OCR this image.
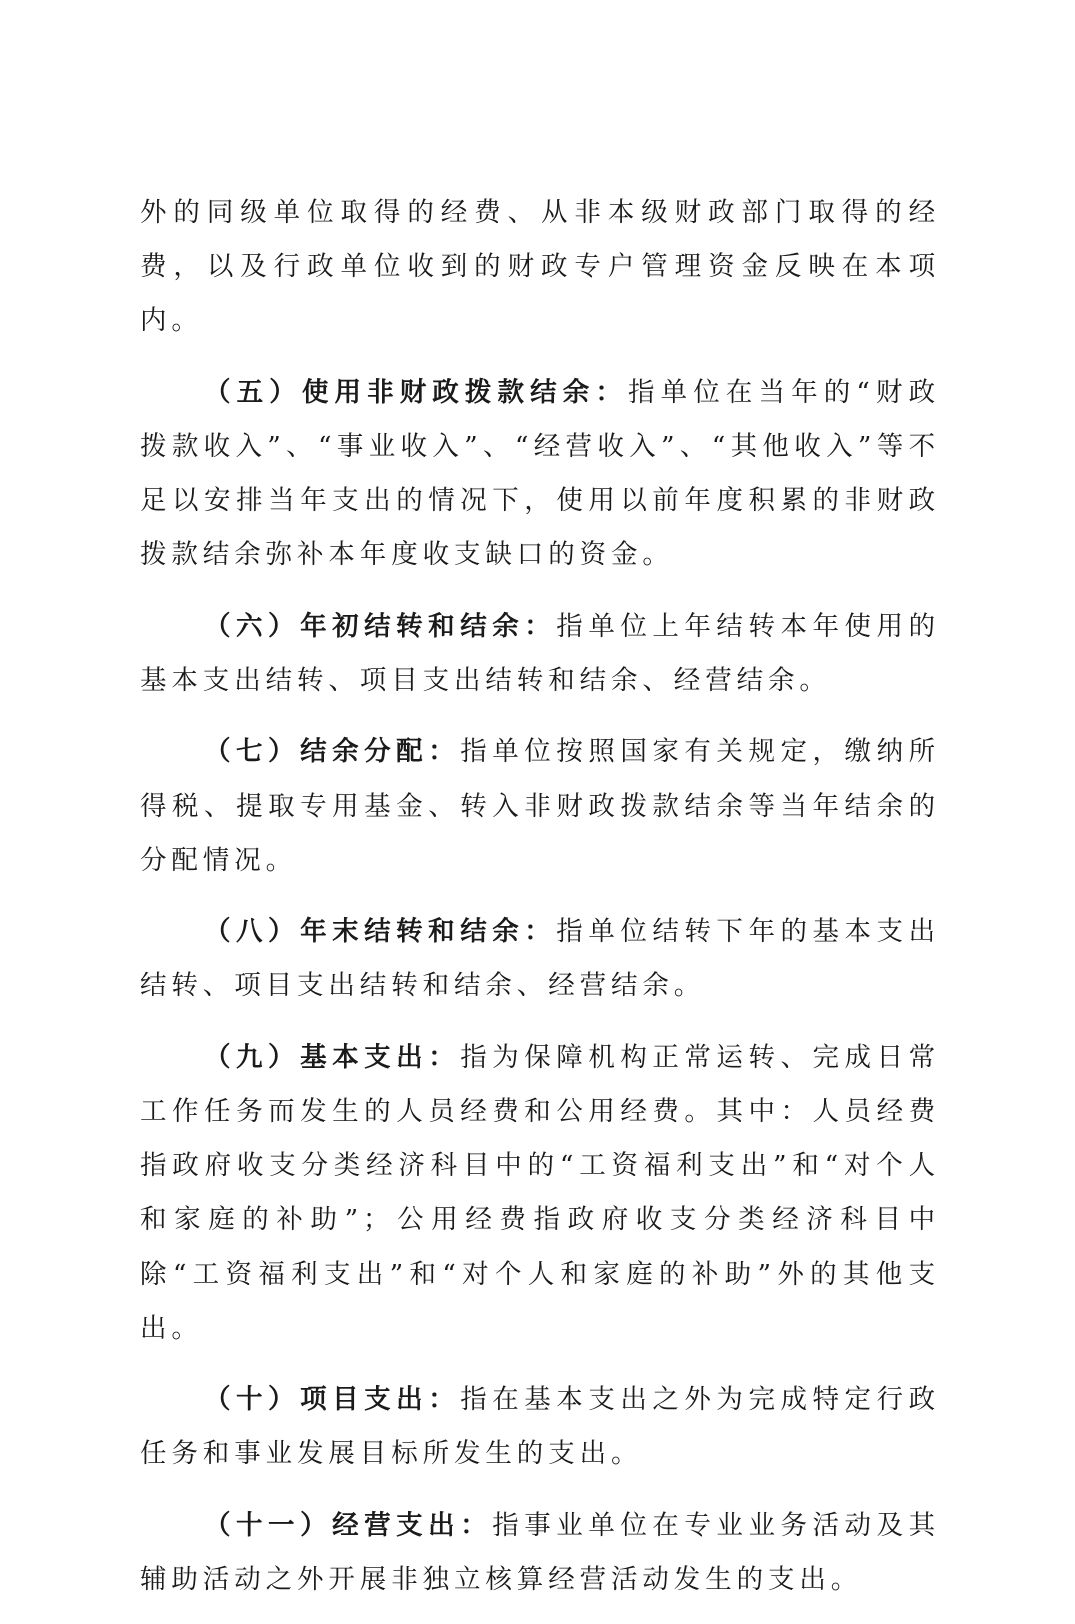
外的同级单位取得的经费、从非本级财政部门取得的经费，以及行政单位收到的财政专户管理资金反映在本项内。

（五）使用非财政拨款结余：指单位在当年的“财政拨款收入”、“事业收入”、“经营收入”、“其他收入”等不足以安排当年支出的情况下，使用以前年度积累的非财政拨款结余弥补本年度收支缺口的资金。

（六）年初结转和结余：指单位上年结转本年使用的基本支出结转、项目支出结转和结余、经营结余。

（七）结余分配：指单位按照国家有关规定，缴纳所得税、提取专用基金、转入非财政拨款结余等当年结余的分配情况。

（八）年末结转和结余：指单位结转下年的基本支出结转、项目支出结转和结余、经营结余。

（九）基本支出：指为保障机构正常运转、完成日常工作任务而发生的人员经费和公用经费。其中：人员经费指政府收支分类经济科目中的“工资福利支出”和“对个人和家庭的补助”；公用经费指政府收支分类经济科目中除“工资福利支出”和“对个人和家庭的补助”外的其他支出。

（十）项目支出：指在基本支出之外为完成特定行政任务和事业发展目标所发生的支出。

（十一）经营支出：指事业单位在专业业务活动及其辅助活动之外开展非独立核算经营活动发生的支出。
